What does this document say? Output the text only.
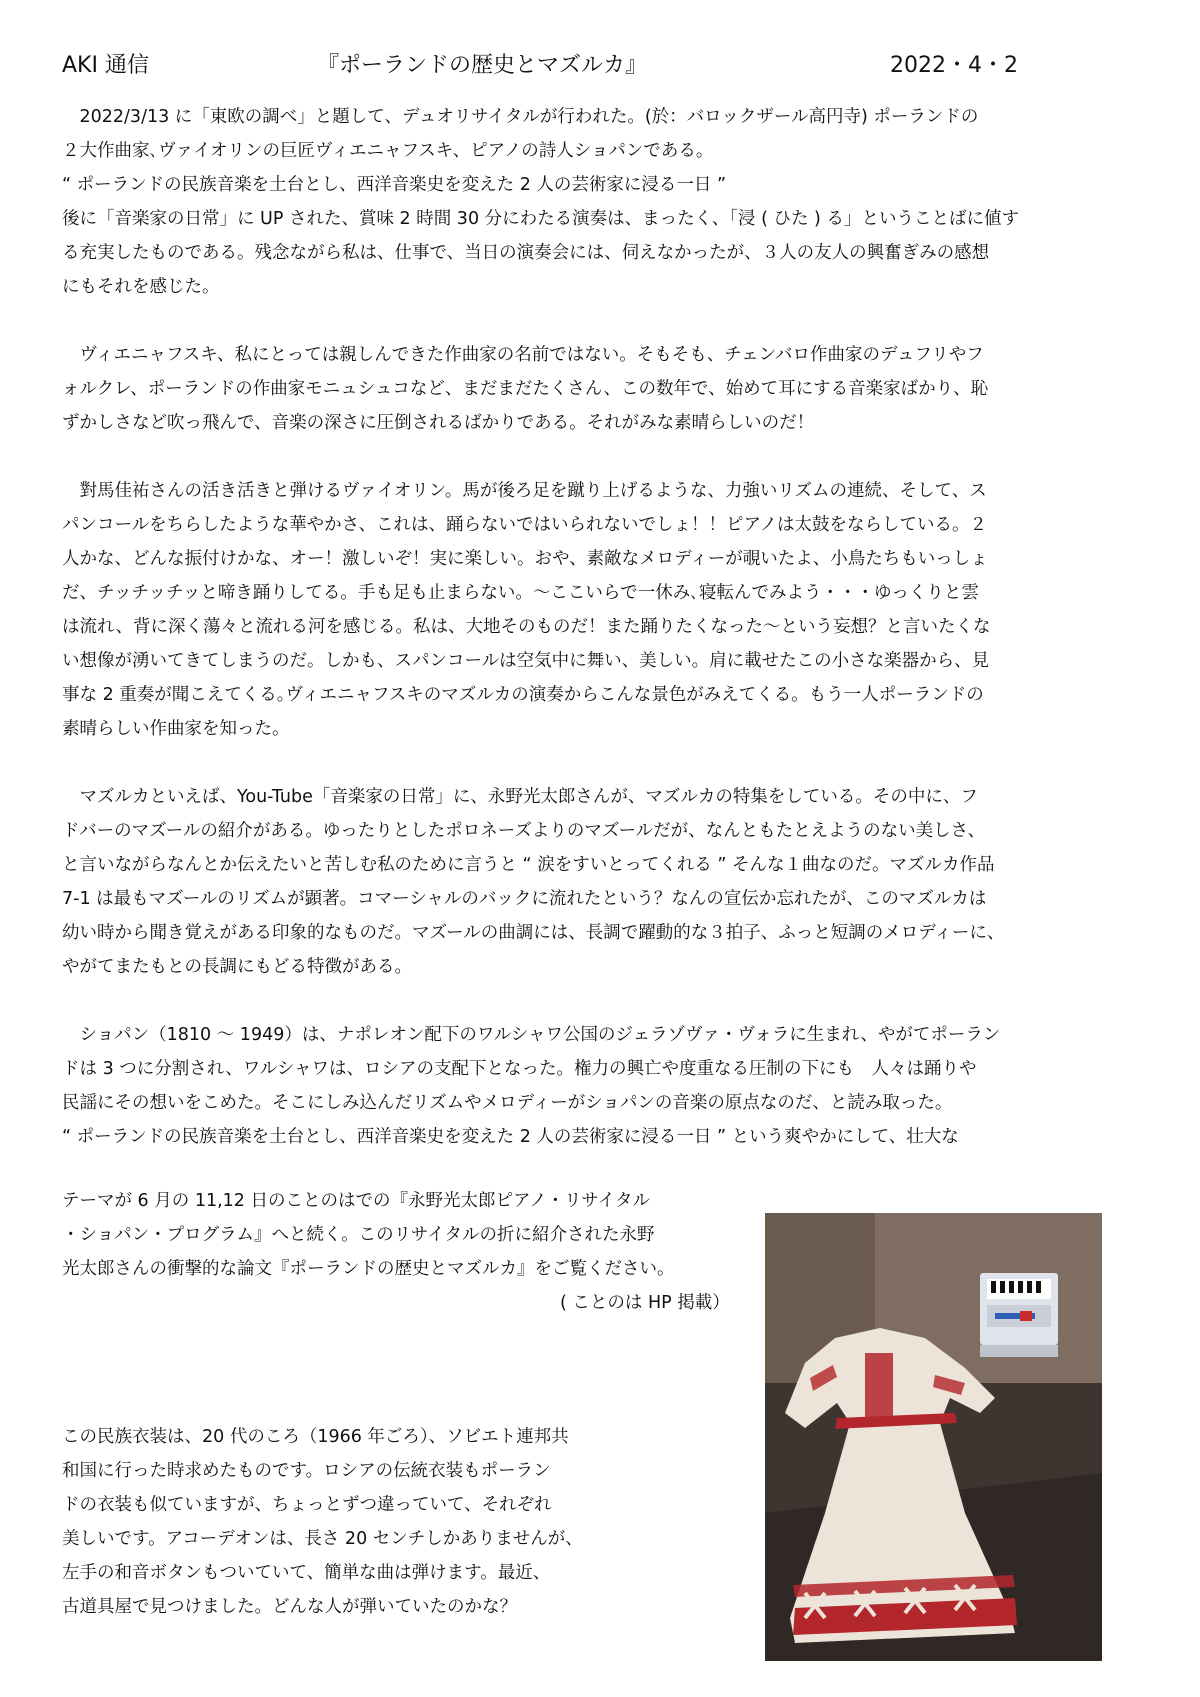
AKI 通信	『ポーランドの歴史とマズルカ』	2022・4・2

　2022/3/13 に「東欧の調べ」と題して、デュオリサイタルが行われた。(於：バロックザール高円寺) ポーランドの
２大作曲家､ヴァイオリンの巨匠ヴィエニャフスキ、ピアノの詩人ショパンである。
“ ポーランドの民族音楽を土台とし、西洋音楽史を変えた 2 人の芸術家に浸る一日 ”
後に「音楽家の日常」に UP された、賞味 2 時間 30 分にわたる演奏は、まったく、「浸 ( ひた ) る」ということばに値す
る充実したものである。残念ながら私は、仕事で、当日の演奏会には、伺えなかったが、３人の友人の興奮ぎみの感想
にもそれを感じた。

　ヴィエニャフスキ、私にとっては親しんできた作曲家の名前ではない。そもそも、チェンバロ作曲家のデュフリやフ
ォルクレ、ポーランドの作曲家モニュシュコなど、まだまだたくさん、この数年で、始めて耳にする音楽家ばかり、恥
ずかしさなど吹っ飛んで、音楽の深さに圧倒されるばかりである。それがみな素晴らしいのだ！

　對馬佳祐さんの活き活きと弾けるヴァイオリン。馬が後ろ足を蹴り上げるような、力強いリズムの連続、そして、ス
パンコールをちらしたような華やかさ、これは、踊らないではいられないでしょ！！ピアノは太鼓をならしている。２
人かな、どんな振付けかな、オー！激しいぞ！実に楽しい。おや、素敵なメロディーが覗いたよ、小鳥たちもいっしょ
だ、チッチッチッと啼き踊りしてる。手も足も止まらない。～ここいらで一休み､寝転んでみよう・・・ゆっくりと雲
は流れ、背に深く蕩々と流れる河を感じる。私は、大地そのものだ！また踊りたくなった～という妄想？と言いたくな
い想像が湧いてきてしまうのだ。しかも、スパンコールは空気中に舞い、美しい。肩に載せたこの小さな楽器から、見
事な 2 重奏が聞こえてくる｡ヴィエニャフスキのマズルカの演奏からこんな景色がみえてくる。もう一人ポーランドの
素晴らしい作曲家を知った。

　マズルカといえば、You-Tube「音楽家の日常」に、永野光太郎さんが、マズルカの特集をしている。その中に、フ
ドバーのマズールの紹介がある。ゆったりとしたポロネーズよりのマズールだが、なんともたとえようのない美しさ、
と言いながらなんとか伝えたいと苦しむ私のために言うと “ 涙をすいとってくれる ” そんな１曲なのだ。マズルカ作品
7-1 は最もマズールのリズムが顕著。コマーシャルのバックに流れたという？なんの宣伝か忘れたが、このマズルカは
幼い時から聞き覚えがある印象的なものだ。マズールの曲調には、長調で躍動的な３拍子、ふっと短調のメロディーに、
やがてまたもとの長調にもどる特徴がある。

　ショパン（1810 ～ 1949）は、ナポレオン配下のワルシャワ公国のジェラゾヴァ・ヴォラに生まれ、やがてポーラン
ドは 3 つに分割され、ワルシャワは、ロシアの支配下となった。権力の興亡や度重なる圧制の下にも　人々は踊りや
民謡にその想いをこめた。そこにしみ込んだリズムやメロディーがショパンの音楽の原点なのだ、と読み取った。
“ ポーランドの民族音楽を土台とし、西洋音楽史を変えた 2 人の芸術家に浸る一日 ” という爽やかにして、壮大な

テーマが 6 月の 11,12 日のことのはでの『永野光太郎ピアノ・リサイタル
・ショパン・プログラム』へと続く。このリサイタルの折に紹介された永野
光太郎さんの衝撃的な論文『ポーランドの歴史とマズルカ』をご覧ください。
( ことのは HP 掲載）
この民族衣装は、20 代のころ（1966 年ごろ）、ソビエト連邦共
和国に行った時求めたものです。ロシアの伝統衣装もポーラン
ドの衣装も似ていますが、ちょっとずつ違っていて、それぞれ
美しいです。アコーデオンは、長さ 20 センチしかありませんが、
左手の和音ボタンもついていて、簡単な曲は弾けます。最近、
古道具屋で見つけました。どんな人が弾いていたのかな？
